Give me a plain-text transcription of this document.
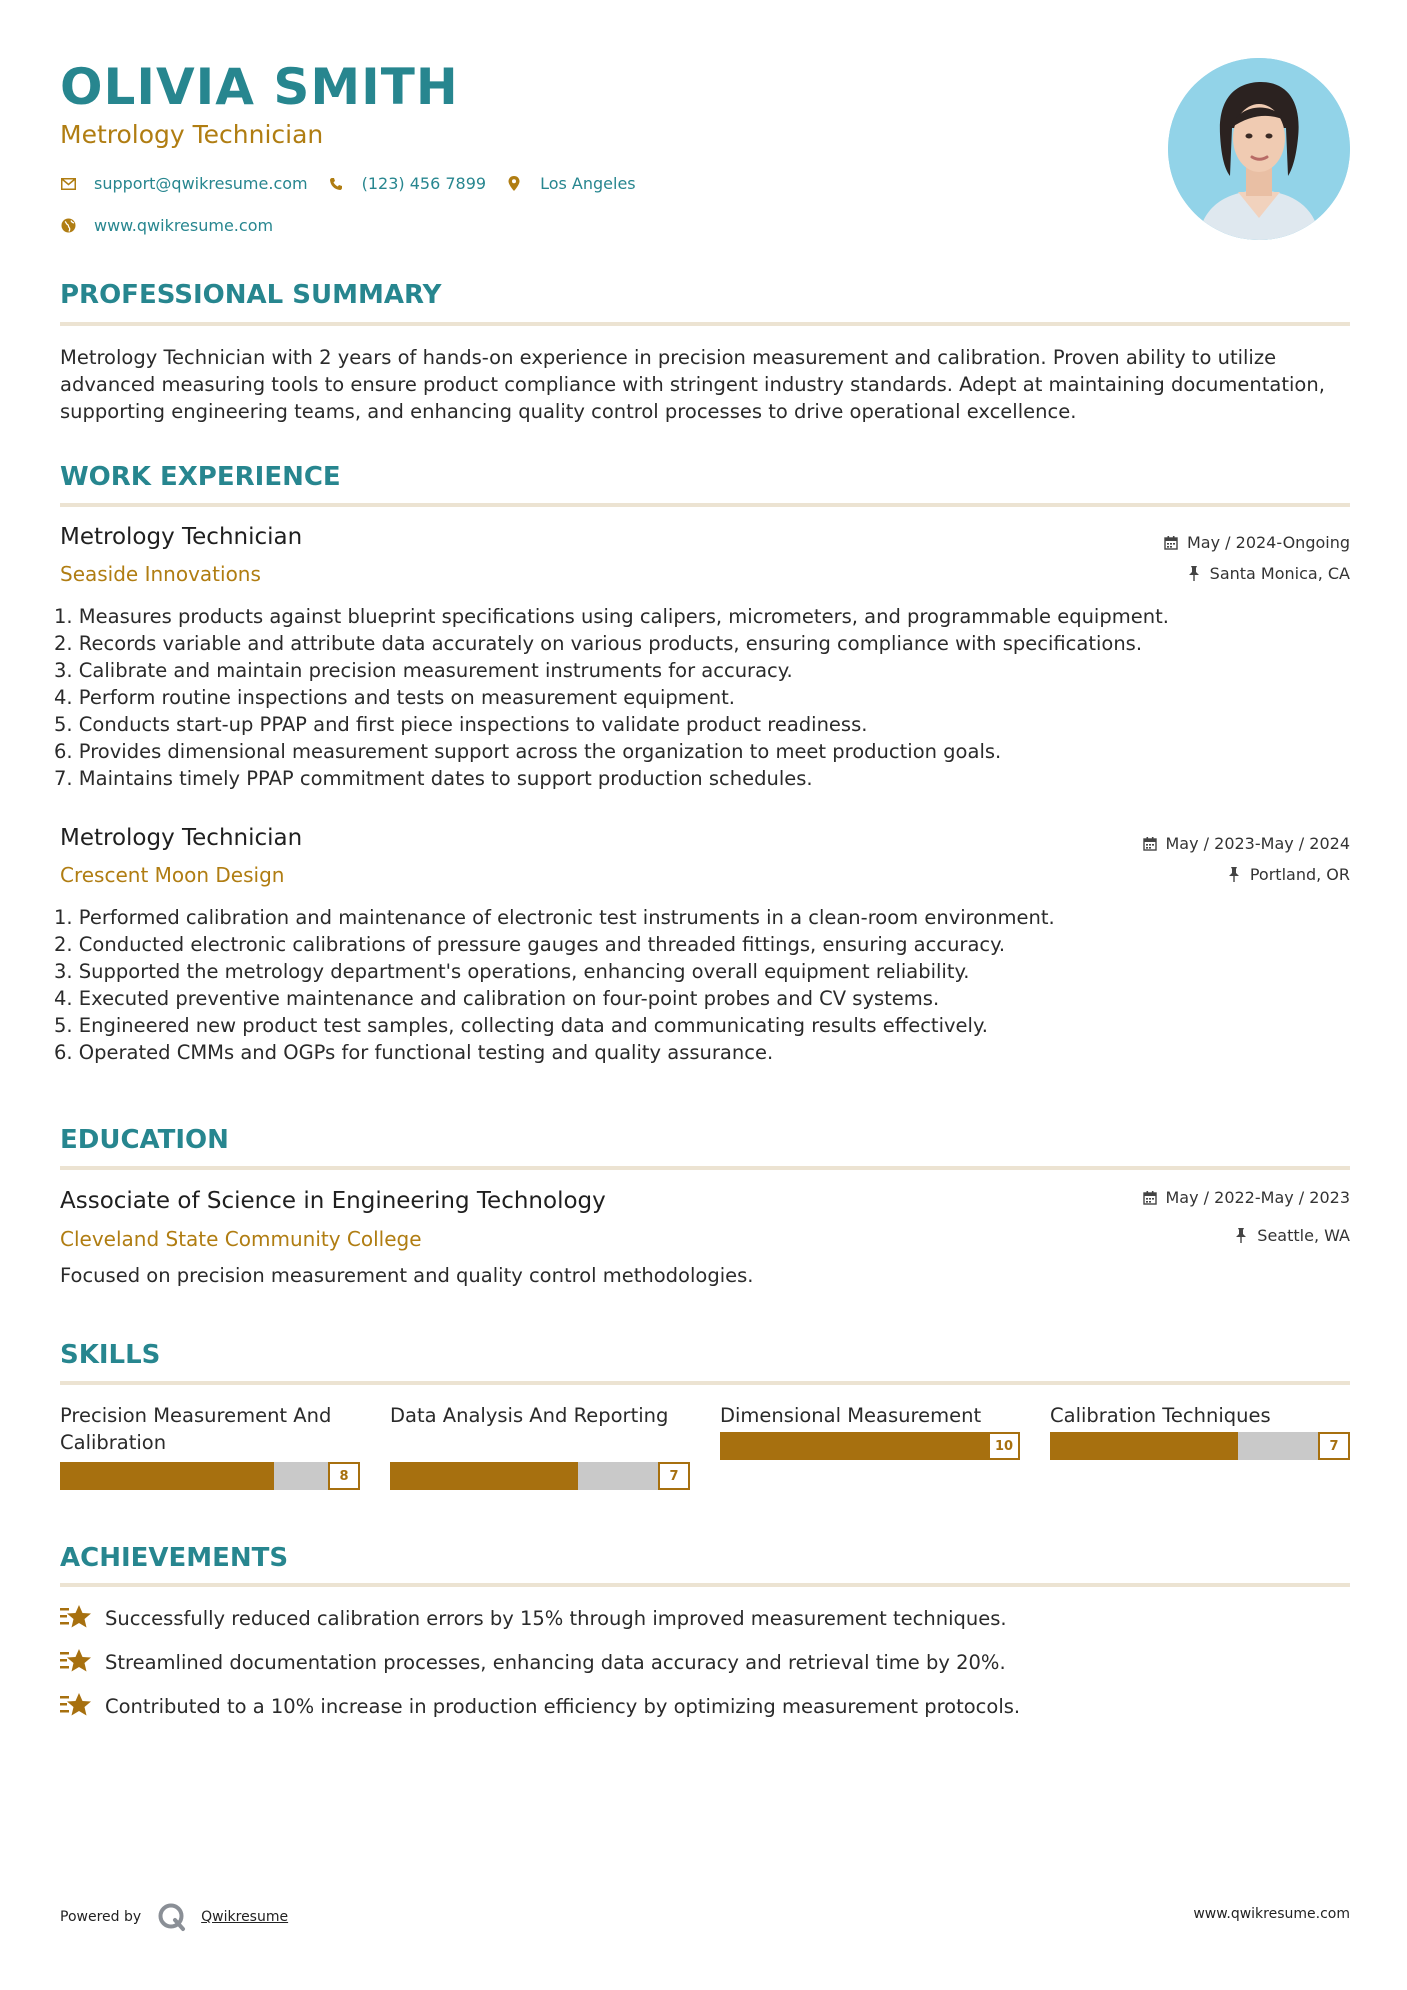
OLIVIA SMITH
Metrology Technician
support@qwikresume.com	(123) 456 7899	Los Angeles
www.qwikresume.com
PROFESSIONAL SUMMARY
Metrology Technician with 2 years of hands-on experience in precision measurement and calibration. Proven ability to utilize advanced measuring tools to ensure product compliance with stringent industry standards. Adept at maintaining documentation, supporting engineering teams, and enhancing quality control processes to drive operational excellence.
WORK EXPERIENCE
Metrology Technician
Seaside Innovations
May / 2024-Ongoing
Santa Monica, CA
1. Measures products against blueprint specifications using calipers, micrometers, and programmable equipment.
2. Records variable and attribute data accurately on various products, ensuring compliance with specifications.
3. Calibrate and maintain precision measurement instruments for accuracy.
4. Perform routine inspections and tests on measurement equipment.
5. Conducts start-up PPAP and first piece inspections to validate product readiness.
6. Provides dimensional measurement support across the organization to meet production goals.
7. Maintains timely PPAP commitment dates to support production schedules.
Metrology Technician
Crescent Moon Design
May / 2023-May / 2024
Portland, OR
1. Performed calibration and maintenance of electronic test instruments in a clean-room environment.
2. Conducted electronic calibrations of pressure gauges and threaded fittings, ensuring accuracy.
3. Supported the metrology department's operations, enhancing overall equipment reliability.
4. Executed preventive maintenance and calibration on four-point probes and CV systems.
5. Engineered new product test samples, collecting data and communicating results effectively.
6. Operated CMMs and OGPs for functional testing and quality assurance.
EDUCATION
Associate of Science in Engineering Technology
Cleveland State Community College
May / 2022-May / 2023
Seattle, WA
Focused on precision measurement and quality control methodologies.
SKILLS
Precision Measurement And Calibration
8
Data Analysis And Reporting
7
Dimensional Measurement
10
Calibration Techniques
7
ACHIEVEMENTS
Successfully reduced calibration errors by 15% through improved measurement techniques.
Streamlined documentation processes, enhancing data accuracy and retrieval time by 20%.
Contributed to a 10% increase in production efficiency by optimizing measurement protocols.
Powered by	Qwikresume	www.qwikresume.com
